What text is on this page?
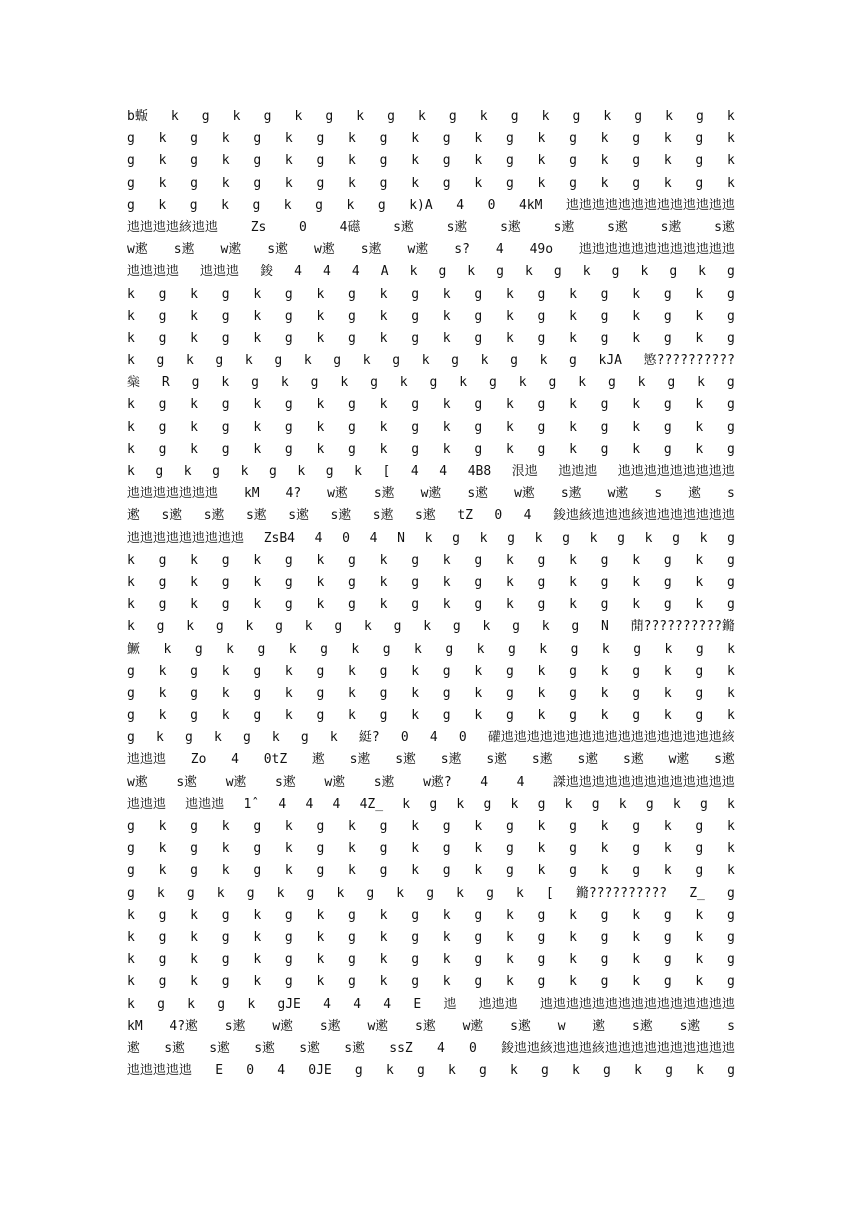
b蝂 k g k g k g k g k g k g k g k g k g k
g k g k g k g k g k g k g k g k g k g k
g k g k g k g k g k g k g k g k g k g k
g k g k g k g k g k g k g k g k g k g k
g k g k g k g k g k)A 4 0 4kM 迆迆迆迆迆迆迆迆迆迆迆迆迆
迆迆迆迆絯迆迆	Zs	0	4礠	s遬	s遬	s遬	s遬	s遬	s遬	s遬
w遬 s遬 w遬 s遬 w遬 s遬 w遬 s? 4 49o 迆迆迆迆迆迆迆迆迆迆迆迆
迆迆迆迆 迆迆迆 鋑 4 4 4 A k g k g k g k g k g k g
k g k g k g k g k g k g k g k g k g k g
k g k g k g k g k g k g k g k g k g k g
k g k g k g k g k g k g k g k g k g k g
k g k g k g k g k g k g k g k g kJA 慜??????????
橤 R g k g k g k g k g k g k g k g k g k g
k g k g k g k g k g k g k g k g k g k g
k g k g k g k g k g k g k g k g k g k g
k g k g k g k g k g k g k g k g k g k g
k g k g k g k g k [ 4 4 4B8 泿迆 迆迆迆 迆迆迆迆迆迆迆迆迆
迆迆迆迆迆迆迆 kM 4? w遬 s遬 w遬 s遬 w遬 s遬 w遬 s 遬 s
遬 s遬 s遬 s遬 s遬 s遬 s遬 s遬 tZ 0 4 鋑迆絯迆迆迆絯迆迆迆迆迆迆迆
迆迆迆迆迆迆迆迆迆 ZsB4 4 0 4 N k g k g k g k g k g k g
k g k g k g k g k g k g k g k g k g k g
k g k g k g k g k g k g k g k g k g k g
k g k g k g k g k g k g k g k g k g k g
k g k g k g k g k g k g k g k g N 蕑??????????鏅
鱖 k g k g k g k g k g k g k g k g k g k
g k g k g k g k g k g k g k g k g k g k
g k g k g k g k g k g k g k g k g k g k
g k g k g k g k g k g k g k g k g k g k
g k g k g k g k 綎? 0 4 0 礶迆迆迆迆迆迆迆迆迆迆迆迆迆迆迆迆迆絯
迆迆迆 Zo 4 0tZ 遬 s遬 s遬 s遬 s遬 s遬 s遬 s遬 w遬 s遬
w遬 s遬 w遬 s遬 w遬 s遬 w遬? 4 4 謋迆迆迆迆迆迆迆迆迆迆迆迆迆
迆迆迆 迆迆迆 1ˆ 4 4 4 4Z_ k g k g k g k g k g k g k
g k g k g k g k g k g k g k g k g k g k
g k g k g k g k g k g k g k g k g k g k
g k g k g k g k g k g k g k g k g k g k
g k g k g k g k g k g k g k [ 鏅?????????? Z_ g
k g k g k g k g k g k g k g k g k g k g
k g k g k g k g k g k g k g k g k g k g
k g k g k g k g k g k g k g k g k g k g
k g k g k g k g k g k g k g k g k g k g
k g k g k gJE 4 4 4 E 迆 迆迆迆 迆迆迆迆迆迆迆迆迆迆迆迆迆迆迆
kM 4?遬 s遬 w遬 s遬 w遬 s遬 w遬 s遬 w 遬 s遬 s遬 s
遬 s遬 s遬 s遬 s遬 s遬 ssZ 4 0 鋑迆迆絯迆迆迆絯迆迆迆迆迆迆迆迆迆迆
迆迆迆迆迆 E 0 4 0JE g k g k g k g k g k g k g
